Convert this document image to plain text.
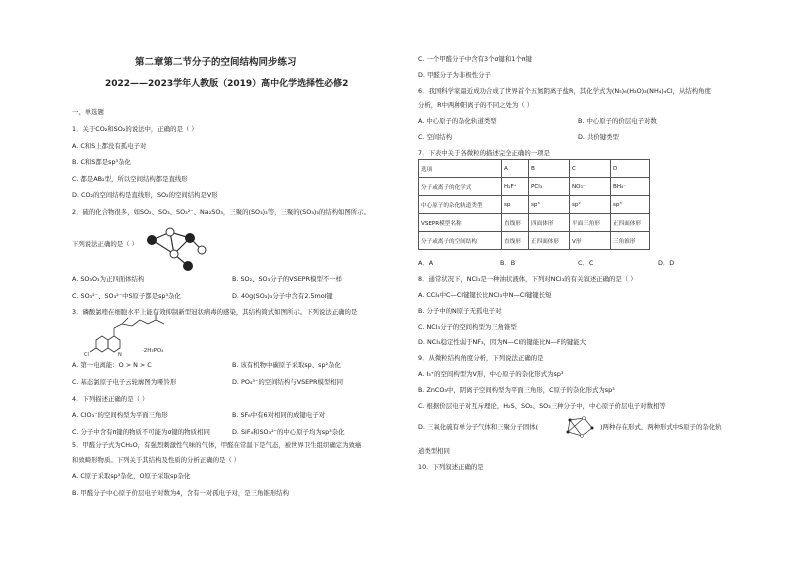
第二章第二节分子的空间结构同步练习
2022——2023学年人教版（2019）高中化学选择性必修2
一、单选题
1．关于CO₂和SO₂的说法中，正确的是（ ）
A. C和S上都没有孤电子对
B. C和S都是sp³杂化
C. 都是AB₂型，所以空间结构都是直线形
D. CO₂的空间结构是直线形，SO₂的空间结构是V形
2．硫的化合物很多，如SO₂、SO₃、SO₃²⁻、Na₂SO₃，三聚的(SO₃)₃等，三聚的(SO₃)₃的结构如图所示。
下列说法正确的是（ ）
A. SO₃O₃为正四面体结构	B. SO₂、SO₃分子的VSEPR模型不一样
C. SO₃²⁻、SO₃²⁻中S原子都是sp³杂化	D. 40g(SO₃)₃分子中含有2.5mol键
3．磷酸氯喹在细胞水平上能有效抑制新型冠状病毒的感染，其结构简式如图所示。下列说法正确的是
A. 第一电离能：O > N > C	B. 该有机物中碳原子采取sp、sp²杂化
C. 基态氯原子电子云轮廓图为哑铃形	D. PO₄³⁻的空间结构与VSEPR模型相同
4．下列描述正确的是（ ）
A. ClO₃⁻的空间构型为平面三角形	B. SF₆中有6对相同的成键电子对
C. 分子中含有π键的物质不可能为σ键的物质相同	D. SiF₄和SO₃²⁻的中心原子均为sp³杂化
5．甲醛分子式为CH₂O，有强烈刺激性气味的气体，甲醛在常温下是气态，被世界卫生组织确定为致癌
和致畸形物质。下列关于其结构及性质的分析正确的是（ ）
A. C原子采取sp³杂化，O原子采取sp杂化
B. 甲醛分子中心原子价层电子对数为4，含有一对孤电子对，是三角锥形结构
Cl	N
·2H₃PO₄
C. 一个甲醛分子中含有3个σ键和1个π键
D. 甲醛分子为非极性分子
6．我国科学家最近成功合成了世界首个五氮阴离子盐R，其化学式为(N₅)₆(H₃O)₃(NH₄)₄Cl，从结构角度
分析，R中两种阳离子的不同之处为（ ）
A. 中心原子的杂化轨道类型	B. 中心原子的价层电子对数
C. 空间结构	D. 共价键类型
7．下表中关于各微粒的描述完全正确的一项是
A．A	B．B	C．C	D．D
8．通常状况下，NCl₃是一种油状液体，下列对NCl₃的有关叙述正确的是（ ）
A. CCl₄中C—Cl键键长比NCl₃中N—Cl键键长短
B. 分子中的N原子无孤电子对
C. NCl₃分子的空间构型为三角锥型
D. NCl₃稳定性弱于NF₃，因为N—Cl的键能比N—F的键能大
9．从微粒结构角度分析，下列说法正确的是
A. I₃⁺的空间构型为V形，中心原子的杂化形式为sp³
B. ZnCO₃中，阴离子空间构型为平面三角形，C原子的杂化形式为sp³
C. 根据价层电子对互斥理论，H₂S、SO₂、SO₃三种分子中，中心原子价层电子对数相等
D. 三氧化硫有单分子气体和三聚分子固体(	)两种存在形式，两种形式中S原子的杂化轨
道类型相同
10．下列叙述正确的是
选项	A	B	C	D
分子或离子的化学式	H₂F⁺	PCl₃	NO₃⁻	BH₄⁻
中心原子的杂化轨道类型	sp	sp³	sp²	sp³
VSEPR模型名称	直线形	四面体形	平面三角形	正四面体形
分子或离子的空间结构	直线形	正四面体形	V形	三角锥形
